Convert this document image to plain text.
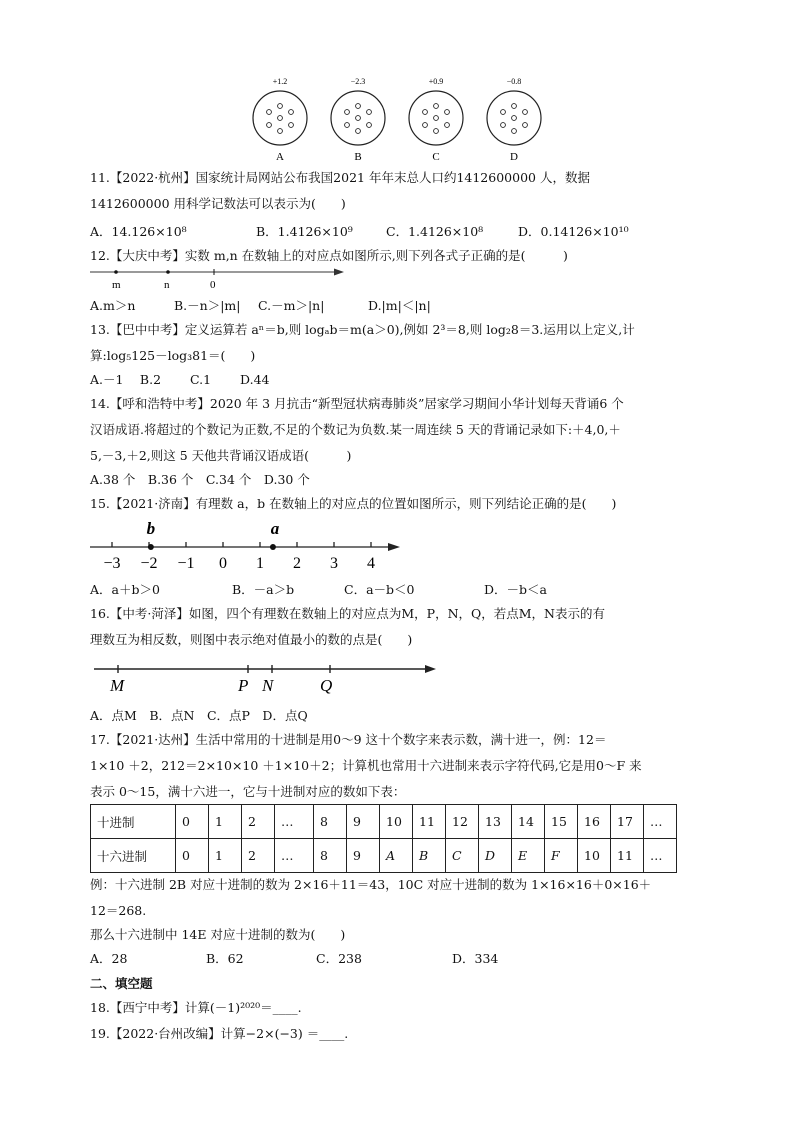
+1.2
A
−2.3
B
+0.9
C
−0.8
D
11.【2022·杭州】国家统计局网站公布我国2021 年年末总人口约1412600000 人，数据
1412600000 用科学记数法可以表示为(　　)
A．14.126×10⁸	B．1.4126×10⁹	C．1.4126×10⁸	D．0.14126×10¹⁰
12.【大庆中考】实数 m,n 在数轴上的对应点如图所示,则下列各式子正确的是(　　　)
m	n	0
A.m＞n	B.－n＞|m| C.－m＞|n|	D.|m|＜|n|
13.【巴中中考】定义运算若 aⁿ＝b,则 logₐb＝m(a＞0),例如 2³＝8,则 log₂8＝3.运用以上定义,计
算:log₅125－log₃81＝(　　)
A.－1　 B.2　　 C.1　　 D.44
14.【呼和浩特中考】2020 年 3 月抗击“新型冠状病毒肺炎”居家学习期间小华计划每天背诵6 个
汉语成语.将超过的个数记为正数,不足的个数记为负数.某一周连续 5 天的背诵记录如下:＋4,0,＋
5,－3,＋2,则这 5 天他共背诵汉语成语(　　　)
A.38 个　B.36 个　C.34 个　D.30 个
15.【2021·济南】有理数 a，b 在数轴上的对应点的位置如图所示，则下列结论正确的是(　　)
−3 −2 −1 0 1 2 3 4
b	a
A．a＋b＞0	B．－a＞b	C．a－b＜0	D．－b＜a
16.【中考·菏泽】如图，四个有理数在数轴上的对应点为M，P，N，Q，若点M，N表示的有
理数互为相反数，则图中表示绝对值最小的数的点是(　　)
M	P N	Q
A．点M　B．点N　C．点P　D．点Q
17.【2021·达州】生活中常用的十进制是用0～9 这十个数字来表示数，满十进一，例：12＝
1×10 ＋2，212＝2×10×10 ＋1×10＋2；计算机也常用十六进制来表示字符代码,它是用0～F 来
表示 0～15，满十六进一，它与十进制对应的数如下表：
十进制	0	1	2	…	8	9	10	11	12	13	14	15	16	17	…
十六进制	0	1	2	…	8	9	A	B	C	D	E	F	10	11	…
例：十六进制 2B 对应十进制的数为 2×16＋11＝43，10C 对应十进制的数为 1×16×16＋0×16＋
12＝268.
那么十六进制中 14E 对应十进制的数为(　　)
A．28	B．62	C．238	D．334
二、填空题
18.【西宁中考】计算(－1)²⁰²⁰＝____.
19.【2022·台州改编】计算−2×(−3) ＝____.
